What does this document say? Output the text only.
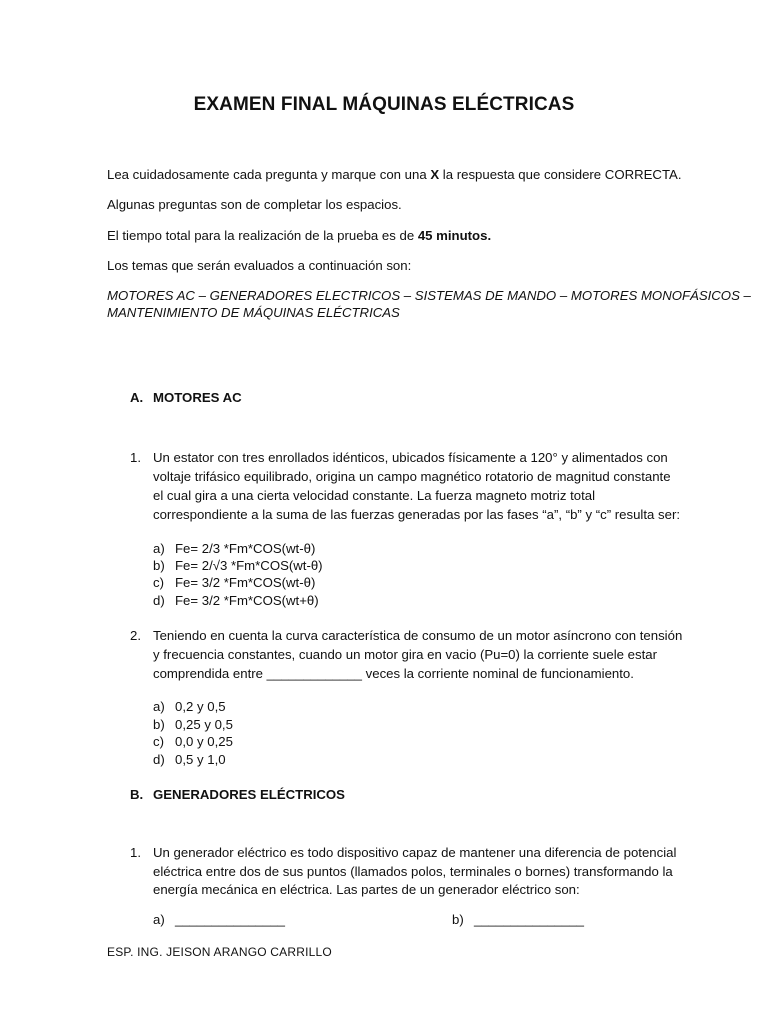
EXAMEN FINAL MÁQUINAS ELÉCTRICAS
Lea cuidadosamente cada pregunta y marque con una X la respuesta que considere CORRECTA.
Algunas preguntas son de completar los espacios.
El tiempo total para la realización de la prueba es de 45 minutos.
Los temas que serán evaluados a continuación son:
MOTORES AC – GENERADORES ELECTRICOS – SISTEMAS DE MANDO – MOTORES MONOFÁSICOS –
MANTENIMIENTO DE MÁQUINAS ELÉCTRICAS
A. MOTORES AC
1. Un estator con tres enrollados idénticos, ubicados físicamente a 120° y alimentados con
voltaje trifásico equilibrado, origina un campo magnético rotatorio de magnitud constante
el cual gira a una cierta velocidad constante. La fuerza magneto motriz total
correspondiente a la suma de las fuerzas generadas por las fases “a”, “b” y “c” resulta ser:
a) Fe= 2/3 *Fm*COS(wt-θ)
b) Fe= 2/√3 *Fm*COS(wt-θ)
c) Fe= 3/2 *Fm*COS(wt-θ)
d) Fe= 3/2 *Fm*COS(wt+θ)
2. Teniendo en cuenta la curva característica de consumo de un motor asíncrono con tensión
y frecuencia constantes, cuando un motor gira en vacio (Pu=0) la corriente suele estar
comprendida entre _____________ veces la corriente nominal de funcionamiento.
a) 0,2 y 0,5
b) 0,25 y 0,5
c) 0,0 y 0,25
d) 0,5 y 1,0
B. GENERADORES ELÉCTRICOS
1. Un generador eléctrico es todo dispositivo capaz de mantener una diferencia de potencial
eléctrica entre dos de sus puntos (llamados polos, terminales o bornes) transformando la
energía mecánica en eléctrica. Las partes de un generador eléctrico son:
a) _______________	b) _______________
ESP. ING. JEISON ARANGO CARRILLO
